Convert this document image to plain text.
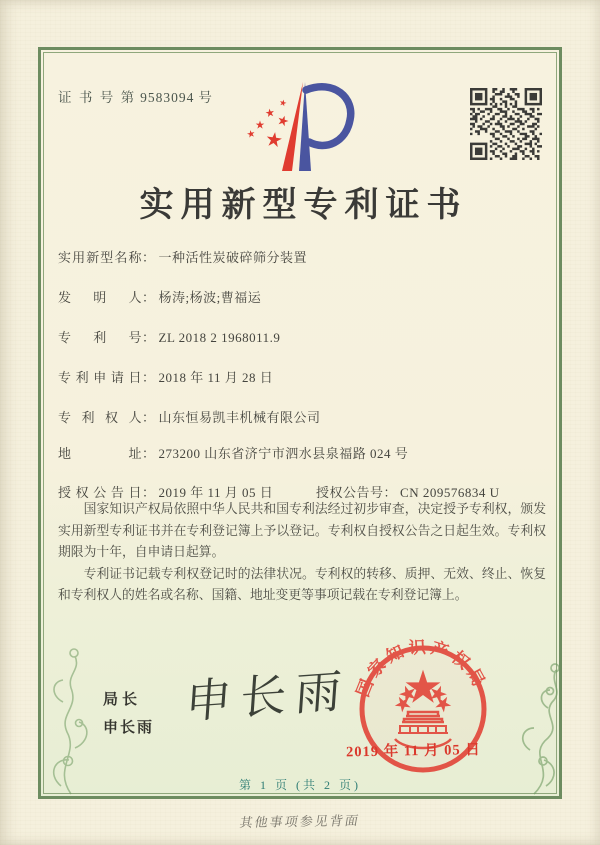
证 书 号 第 9583094 号
实用新型专利证书
实用新型名称： 一种活性炭破碎筛分装置
发明人： 杨涛;杨波;曹福运
专利号： ZL 2018 2 1968011.9
专利申请日： 2018 年 11 月 28 日
专利权人： 山东恒易凯丰机械有限公司
地址： 273200 山东省济宁市泗水县泉福路 024 号
授权公告日： 2019 年 11 月 05 日	授权公告号： CN 209576834 U

国家知识产权局依照中华人民共和国专利法经过初步审查，决定授予专利权，颁发实用新型专利证书并在专利登记簿上予以登记。专利权自授权公告之日起生效。专利权期限为十年，自申请日起算。

专利证书记载专利权登记时的法律状况。专利权的转移、质押、无效、终止、恢复和专利权人的姓名或名称、国籍、地址变更等事项记载在专利登记簿上。

局长
申长雨 申长雨 国家知识产权局
2019 年 11 月 05 日
第 1 页 (共 2 页)
其他事项参见背面
